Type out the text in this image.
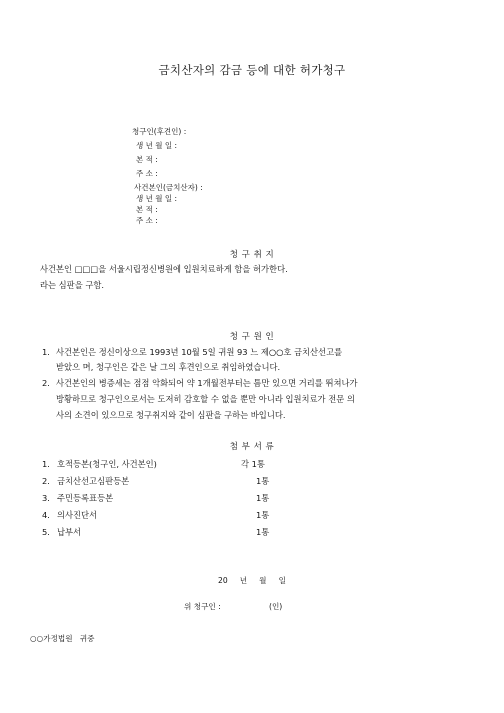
금치산자의 감금 등에 대한 허가청구
청구인(후견인) :
생 년 월 일 :
본 적 :
주 소 :
사건본인(금치산자) :
생 년 월 일 :
본 적 :
주 소 :
청 구 취 지
사건본인 □□□을 서울시립정신병원에 입원치료하게 함을 허가한다.
라는 심판을 구함.
청 구 원 인
1. 사건본인은 정신이상으로 1993년 10월 5일 귀원 93 느 제○○호 금치산선고를
받았으 며, 청구인은 같은 날 그의 후견인으로 취임하였습니다.
2. 사건본인의 병증세는 점점 악화되어 약 1개월전부터는 틈만 있으면 거리를 뛰쳐나가
방황하므로 청구인으로서는 도저히 감호할 수 없을 뿐만 아니라 입원치료가 전문 의
사의 소견이 있으므로 청구취지와 같이 심판을 구하는 바입니다.
첨 부 서 류
1. 호적등본(청구인, 사건본인)	각 1통
2. 금치산선고심판등본	1통
3. 주민등록표등본	1통
4. 의사진단서	1통
5. 납부서	1통
20     년     월     일
위 청구인 :                    (인)
○○가정법원   귀중
